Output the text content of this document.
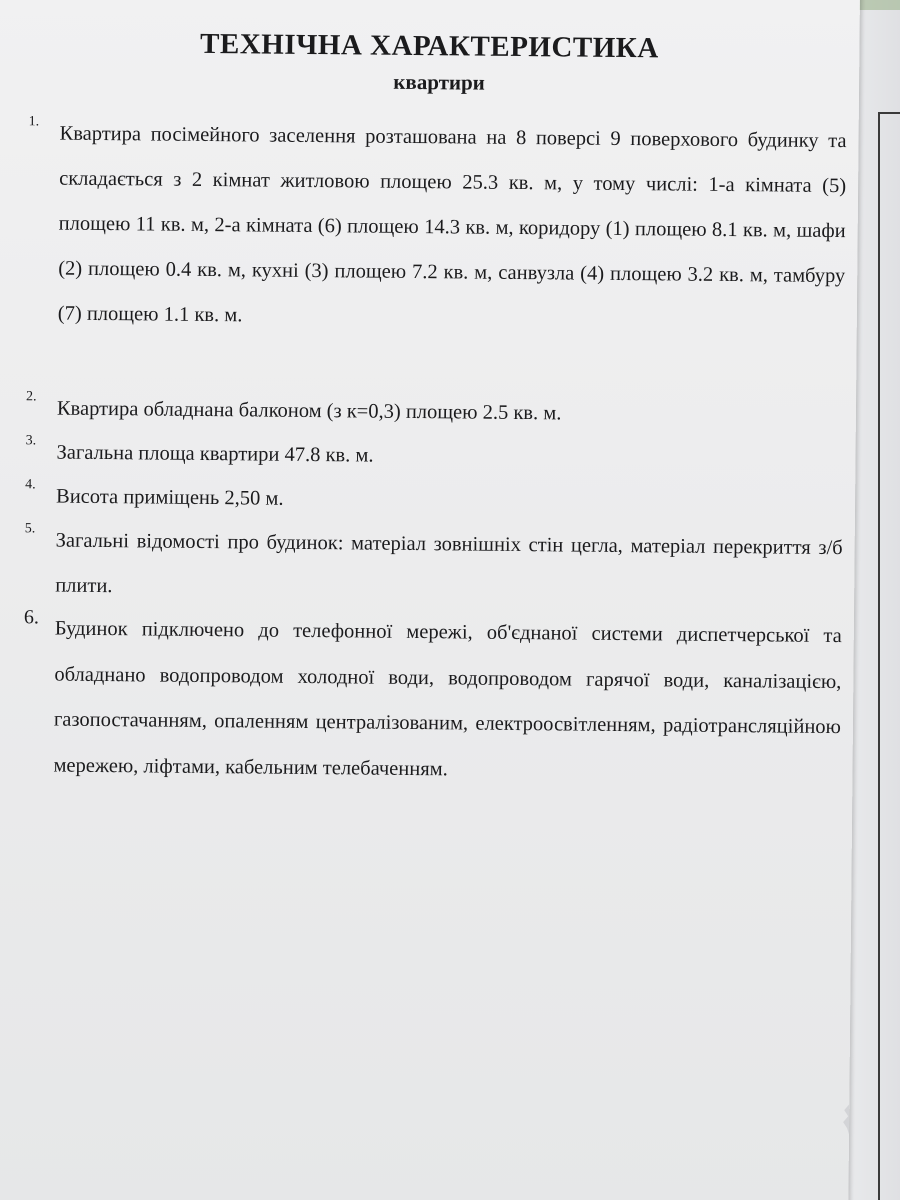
ТЕХНІЧНА ХАРАКТЕРИСТИКА
квартири
1.
Квартира посімейного заселення розташована на 8 поверсі 9 поверхового будинку та складається з 2 кімнат житловою площею 25.3 кв. м, у тому числі: 1-а кімната (5) площею 11 кв. м, 2-а кімната (6) площею 14.3 кв. м, коридору (1) площею 8.1 кв. м, шафи (2) площею 0.4 кв. м, кухні (3) площею 7.2 кв. м, санвузла (4) площею 3.2 кв. м, тамбуру (7) площею 1.1 кв. м.
2.
Квартира обладнана балконом (з к=0,3) площею 2.5 кв. м.
3.
Загальна площа квартири 47.8 кв. м.
4.
Висота приміщень 2,50 м.
5.
Загальні відомості про будинок: матеріал зовнішніх стін цегла, матеріал перекриття з/б плити.
6.
Будинок підключено до телефонної мережі, об'єднаної системи диспетчерської та обладнано водопроводом холодної води, водопроводом гарячої води, каналізацією, газопостачанням, опаленням централізованим, електроосвітленням, радіотрансляційною мережею, ліфтами, кабельним телебаченням.
